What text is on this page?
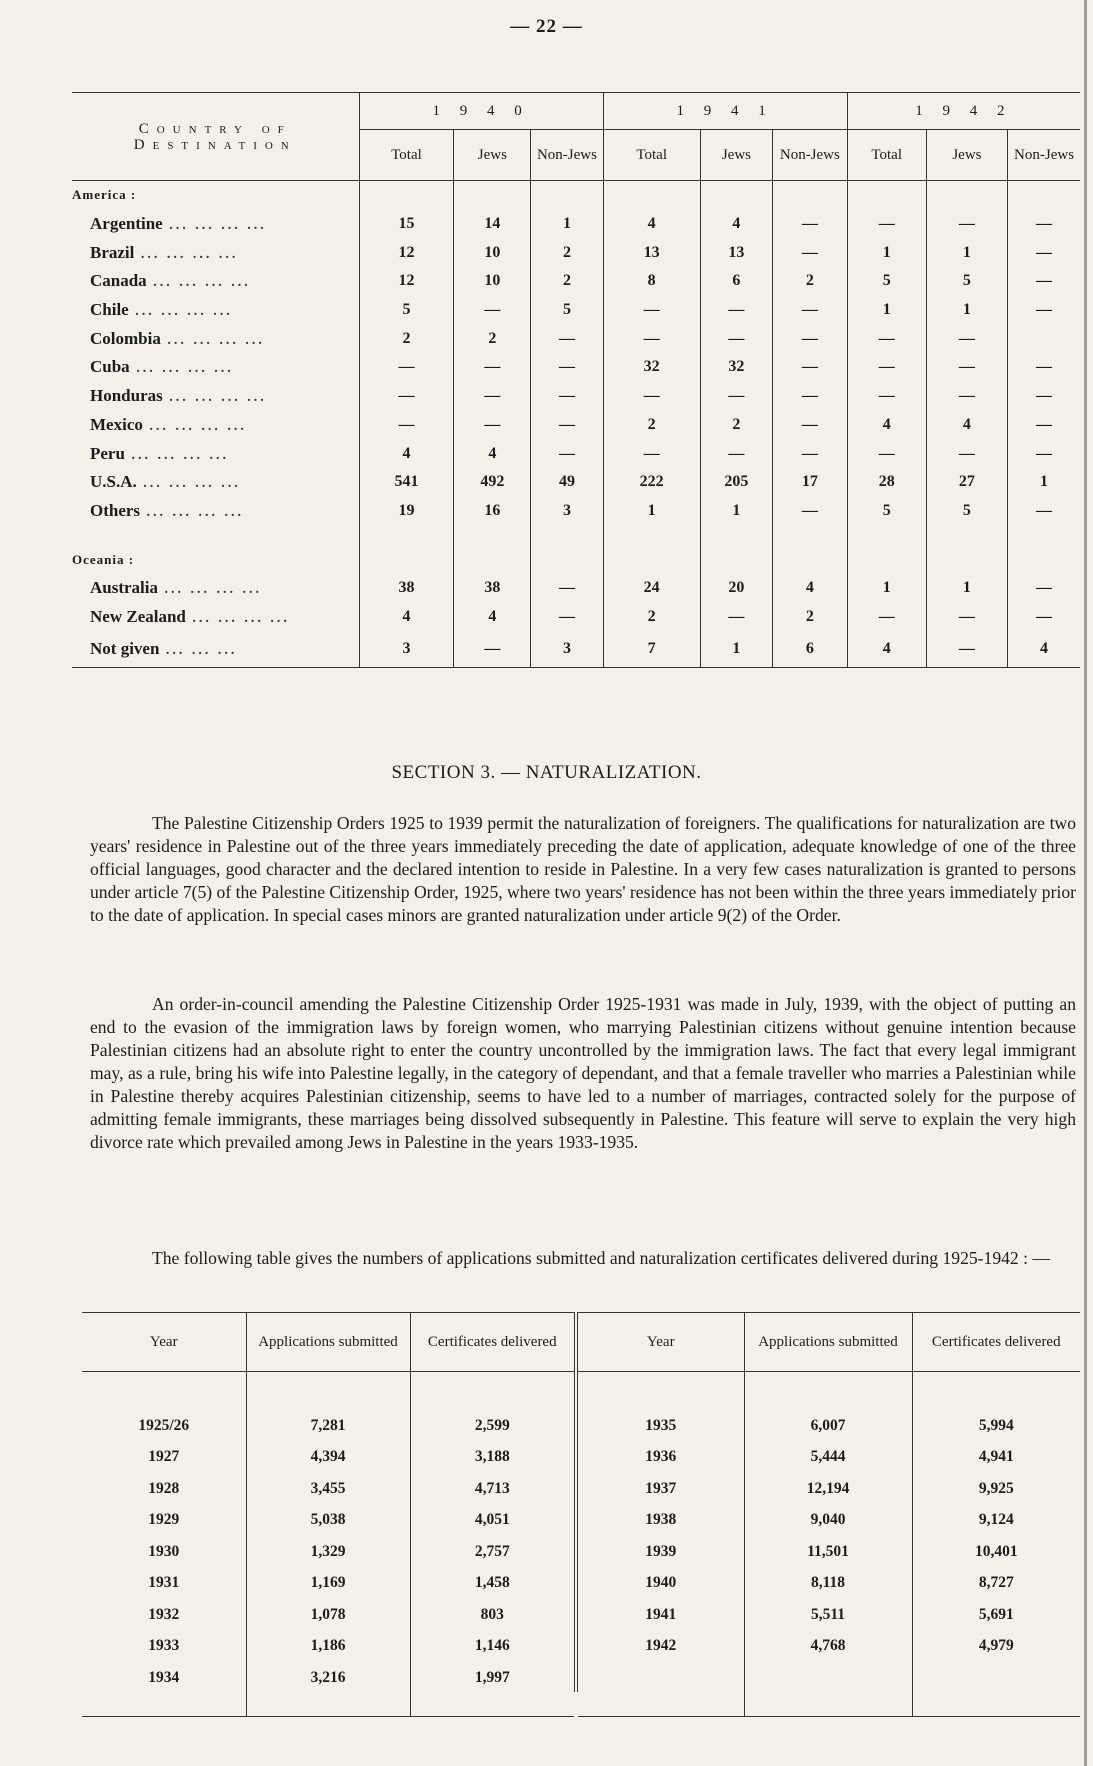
— 22 —
Country of Destination	1 9 4 0			1 9 4 1			1 9 4 2		
	Total	Jews	Non-Jews	Total	Jews	Non-Jews	Total	Jews	Non-Jews
America :									
Argentine ... ... ... ...	15	14	1	4	4	—	—	—	—
Brazil ... ... ... ...	12	10	2	13	13	—	1	1	—
Canada ... ... ... ...	12	10	2	8	6	2	5	5	—
Chile ... ... ... ...	5	—	5	—	—	—	1	1	—
Colombia ... ... ... ...	2	2	—	—	—	—	—	—	
Cuba ... ... ... ...	—	—	—	32	32	—	—	—	—
Honduras ... ... ... ...	—	—	—	—	—	—	—	—	—
Mexico ... ... ... ...	—	—	—	2	2	—	4	4	—
Peru ... ... ... ...	4	4	—	—	—	—	—	—	—
U.S.A. ... ... ... ...	541	492	49	222	205	17	28	27	1
Others ... ... ... ...	19	16	3	1	1	—	5	5	—

Oceania :									
Australia ... ... ... ...	38	38	—	24	20	4	1	1	—
New Zealand ... ... ... ...	4	4	—	2	—	2	—	—	—
Not given ... ... ...	3	—	3	7	1	6	4	—	4
SECTION 3. — NATURALIZATION.

The Palestine Citizenship Orders 1925 to 1939 permit the naturalization of foreigners. The qualifications for naturalization are two years' residence in Palestine out of the three years immediately preceding the date of application, adequate knowledge of one of the three official languages, good character and the declared intention to reside in Palestine. In a very few cases naturalization is granted to persons under article 7(5) of the Palestine Citizenship Order, 1925, where two years' residence has not been within the three years immediately prior to the date of application. In special cases minors are granted naturalization under article 9(2) of the Order.

An order-in-council amending the Palestine Citizenship Order 1925-1931 was made in July, 1939, with the object of putting an end to the evasion of the immigration laws by foreign women, who marrying Palestinian citizens without genuine intention because Palestinian citizens had an absolute right to enter the country uncontrolled by the immigration laws. The fact that every legal immigrant may, as a rule, bring his wife into Palestine legally, in the category of dependant, and that a female traveller who marries a Palestinian while in Palestine thereby acquires Palestinian citizenship, seems to have led to a number of marriages, contracted solely for the purpose of admitting female immigrants, these marriages being dissolved subsequently in Palestine. This feature will serve to explain the very high divorce rate which prevailed among Jews in Palestine in the years 1933-1935.

The following table gives the numbers of applications submitted and naturalization certificates delivered during 1925-1942 : —

Year	Applications submitted	Certificates delivered

1925/26	7,281	2,599
1927	4,394	3,188
1928	3,455	4,713
1929	5,038	4,051
1930	1,329	2,757
1931	1,169	1,458
1932	1,078	803
1933	1,186	1,146
1934	3,216	1,997

Year	Applications submitted	Certificates delivered

1935	6,007	5,994
1936	5,444	4,941
1937	12,194	9,925
1938	9,040	9,124
1939	11,501	10,401
1940	8,118	8,727
1941	5,511	5,691
1942	4,768	4,979
